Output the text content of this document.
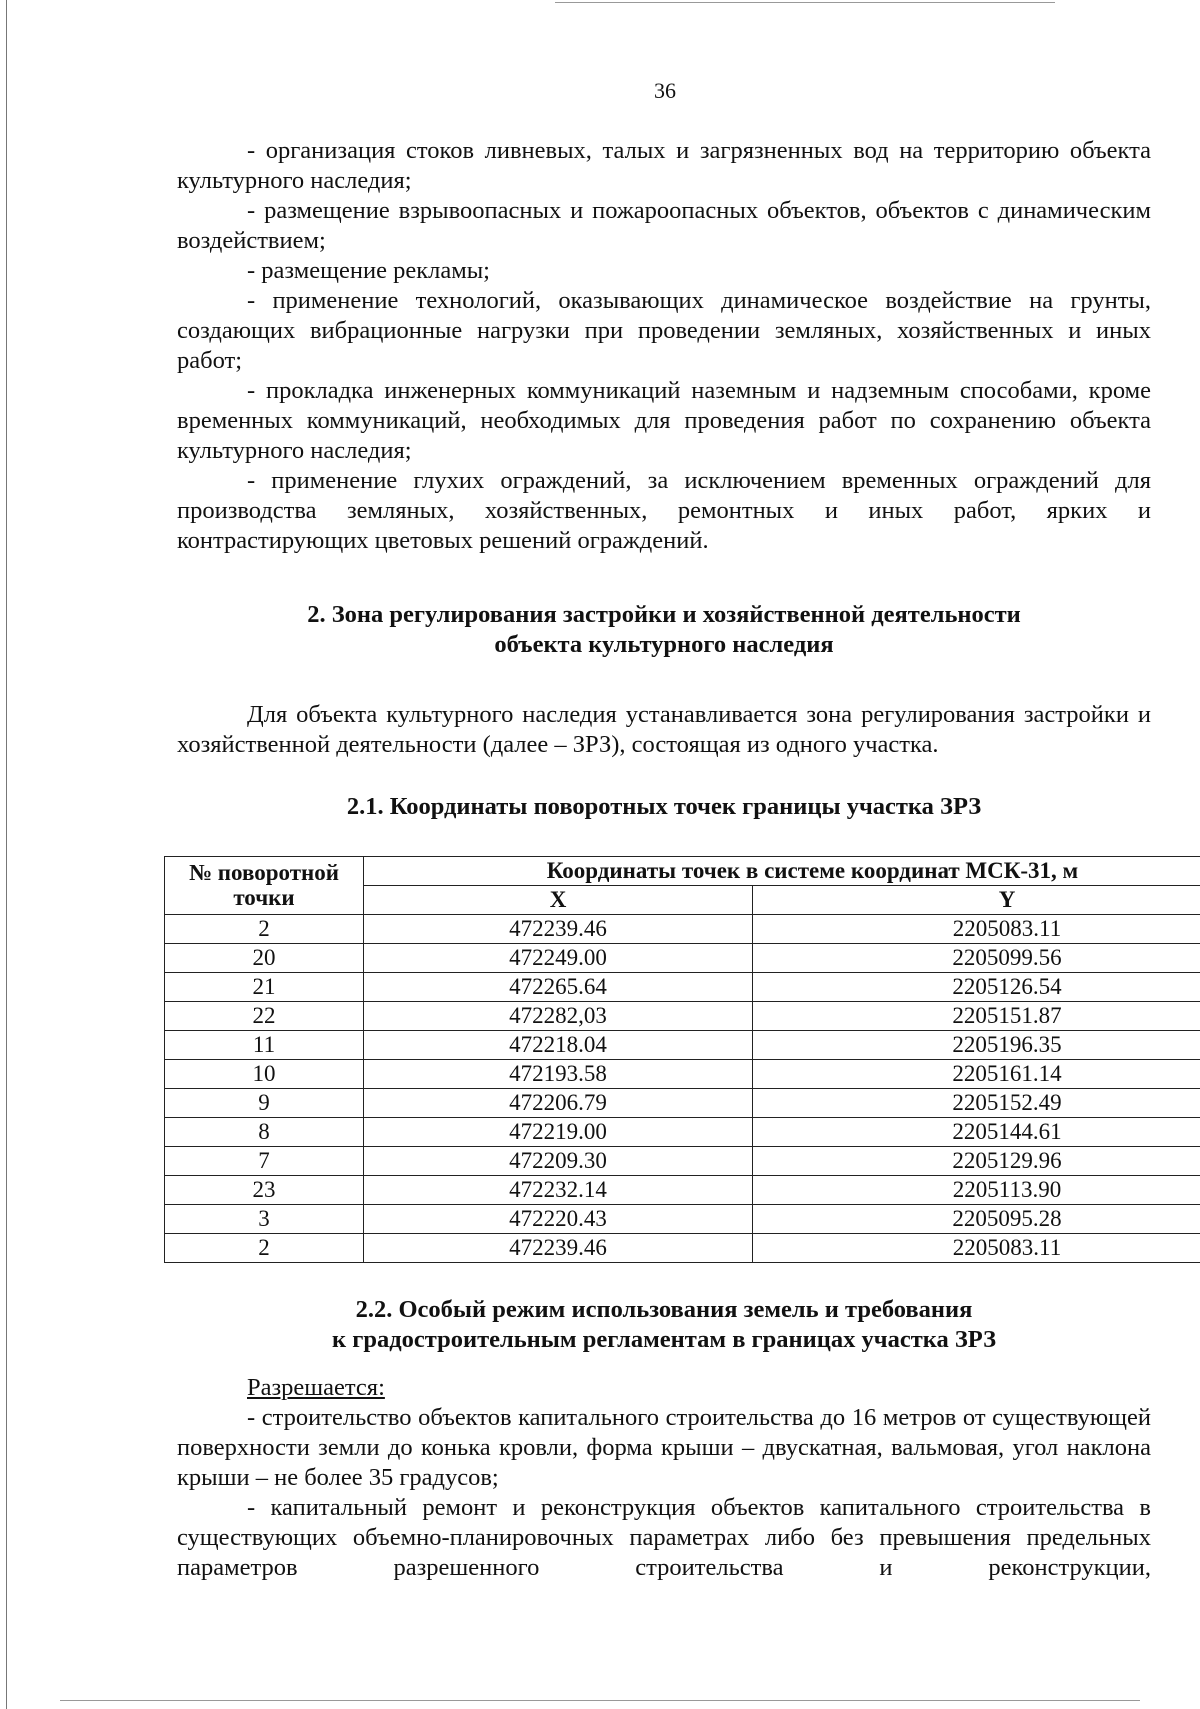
36

- организация стоков ливневых, талых и загрязненных вод на территорию объекта культурного наследия;

- размещение взрывоопасных и пожароопасных объектов, объектов с динамическим воздействием;

- размещение рекламы;

- применение технологий, оказывающих динамическое воздействие на грунты, создающих вибрационные нагрузки при проведении земляных, хозяйственных и иных работ;

- прокладка инженерных коммуникаций наземным и надземным способами, кроме временных коммуникаций, необходимых для проведения работ по сохранению объекта культурного наследия;

- применение глухих ограждений, за исключением временных ограждений для производства земляных, хозяйственных, ремонтных и иных работ, ярких и контрастирующих цветовых решений ограждений.

2. Зона регулирования застройки и хозяйственной деятельности
объекта культурного наследия

Для объекта культурного наследия устанавливается зона регулирования застройки и хозяйственной деятельности (далее – ЗРЗ), состоящая из одного участка.

2.1. Координаты поворотных точек границы участка ЗРЗ
№ поворотной точки	Координаты точек в системе координат МСК-31, м	
	X	Y
2	472239.46	2205083.11
20	472249.00	2205099.56
21	472265.64	2205126.54
22	472282,03	2205151.87
11	472218.04	2205196.35
10	472193.58	2205161.14
9	472206.79	2205152.49
8	472219.00	2205144.61
7	472209.30	2205129.96
23	472232.14	2205113.90
3	472220.43	2205095.28
2	472239.46	2205083.11
2.2. Особый режим использования земель и требования
к градостроительным регламентам в границах участка ЗРЗ

Разрешается:

- строительство объектов капитального строительства до 16 метров от существующей поверхности земли до конька кровли, форма крыши – двускатная, вальмовая, угол наклона крыши – не более 35 градусов;

- капитальный ремонт и реконструкция объектов капитального строительства в существующих объемно-планировочных параметрах либо без превышения предельных параметров разрешенного строительства и реконструкции,
